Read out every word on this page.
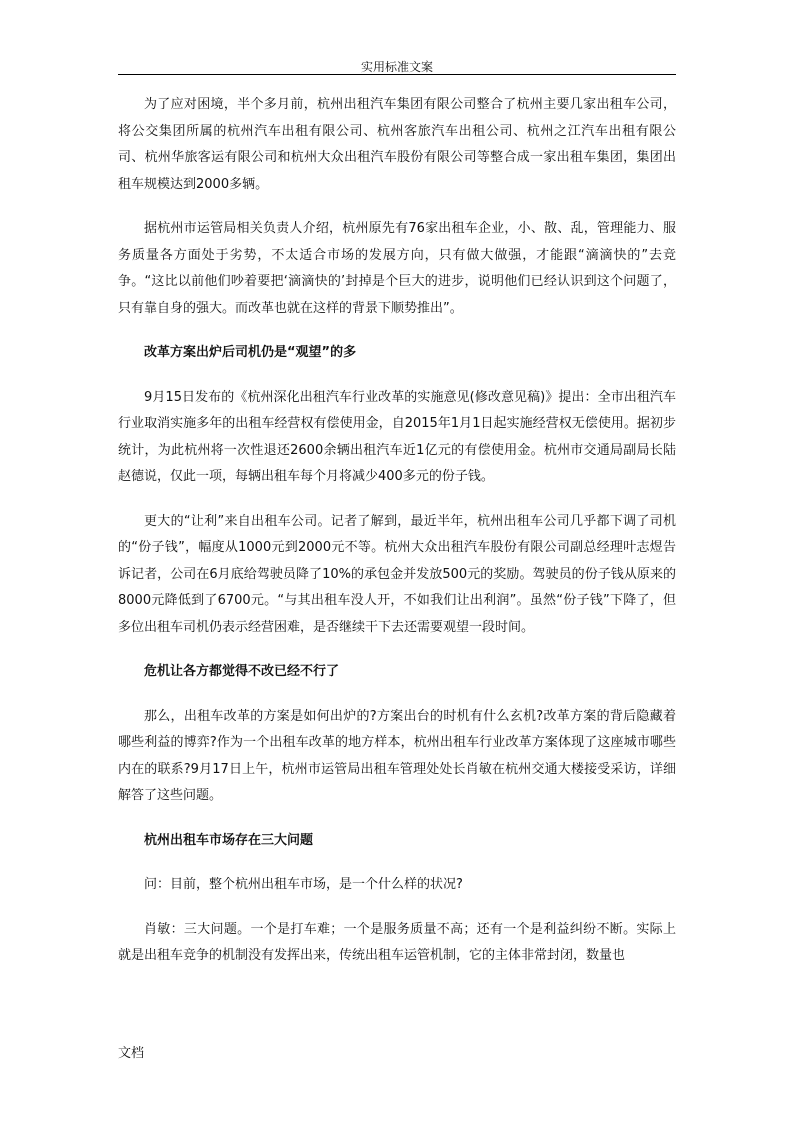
实用标准文案

为了应对困境，半个多月前，杭州出租汽车集团有限公司整合了杭州主要几家出租车公司，将公交集团所属的杭州汽车出租有限公司、杭州客旅汽车出租公司、杭州之江汽车出租有限公司、杭州华旅客运有限公司和杭州大众出租汽车股份有限公司等整合成一家出租车集团，集团出租车规模达到2000多辆。

据杭州市运管局相关负责人介绍，杭州原先有76家出租车企业，小、散、乱，管理能力、服务质量各方面处于劣势，不太适合市场的发展方向，只有做大做强，才能跟“滴滴快的”去竞争。“这比以前他们吵着要把‘滴滴快的’封掉是个巨大的进步，说明他们已经认识到这个问题了，只有靠自身的强大。而改革也就在这样的背景下顺势推出”。

改革方案出炉后司机仍是“观望”的多

9月15日发布的《杭州深化出租汽车行业改革的实施意见(修改意见稿)》提出：全市出租汽车行业取消实施多年的出租车经营权有偿使用金，自2015年1月1日起实施经营权无偿使用。据初步统计，为此杭州将一次性退还2600余辆出租汽车近1亿元的有偿使用金。杭州市交通局副局长陆赵德说，仅此一项，每辆出租车每个月将减少400多元的份子钱。

更大的“让利”来自出租车公司。记者了解到，最近半年，杭州出租车公司几乎都下调了司机的“份子钱”，幅度从1000元到2000元不等。杭州大众出租汽车股份有限公司副总经理叶志煜告诉记者，公司在6月底给驾驶员降了10%的承包金并发放500元的奖励。驾驶员的份子钱从原来的8000元降低到了6700元。“与其出租车没人开，不如我们让出利润”。虽然“份子钱”下降了，但多位出租车司机仍表示经营困难，是否继续干下去还需要观望一段时间。

危机让各方都觉得不改已经不行了

那么，出租车改革的方案是如何出炉的?方案出台的时机有什么玄机?改革方案的背后隐藏着哪些利益的博弈?作为一个出租车改革的地方样本，杭州出租车行业改革方案体现了这座城市哪些内在的联系?9月17日上午，杭州市运管局出租车管理处处长肖敏在杭州交通大楼接受采访，详细解答了这些问题。

杭州出租车市场存在三大问题

问：目前，整个杭州出租车市场，是一个什么样的状况?

肖敏：三大问题。一个是打车难；一个是服务质量不高；还有一个是利益纠纷不断。实际上就是出租车竞争的机制没有发挥出来，传统出租车运管机制，它的主体非常封闭，数量也

文档
